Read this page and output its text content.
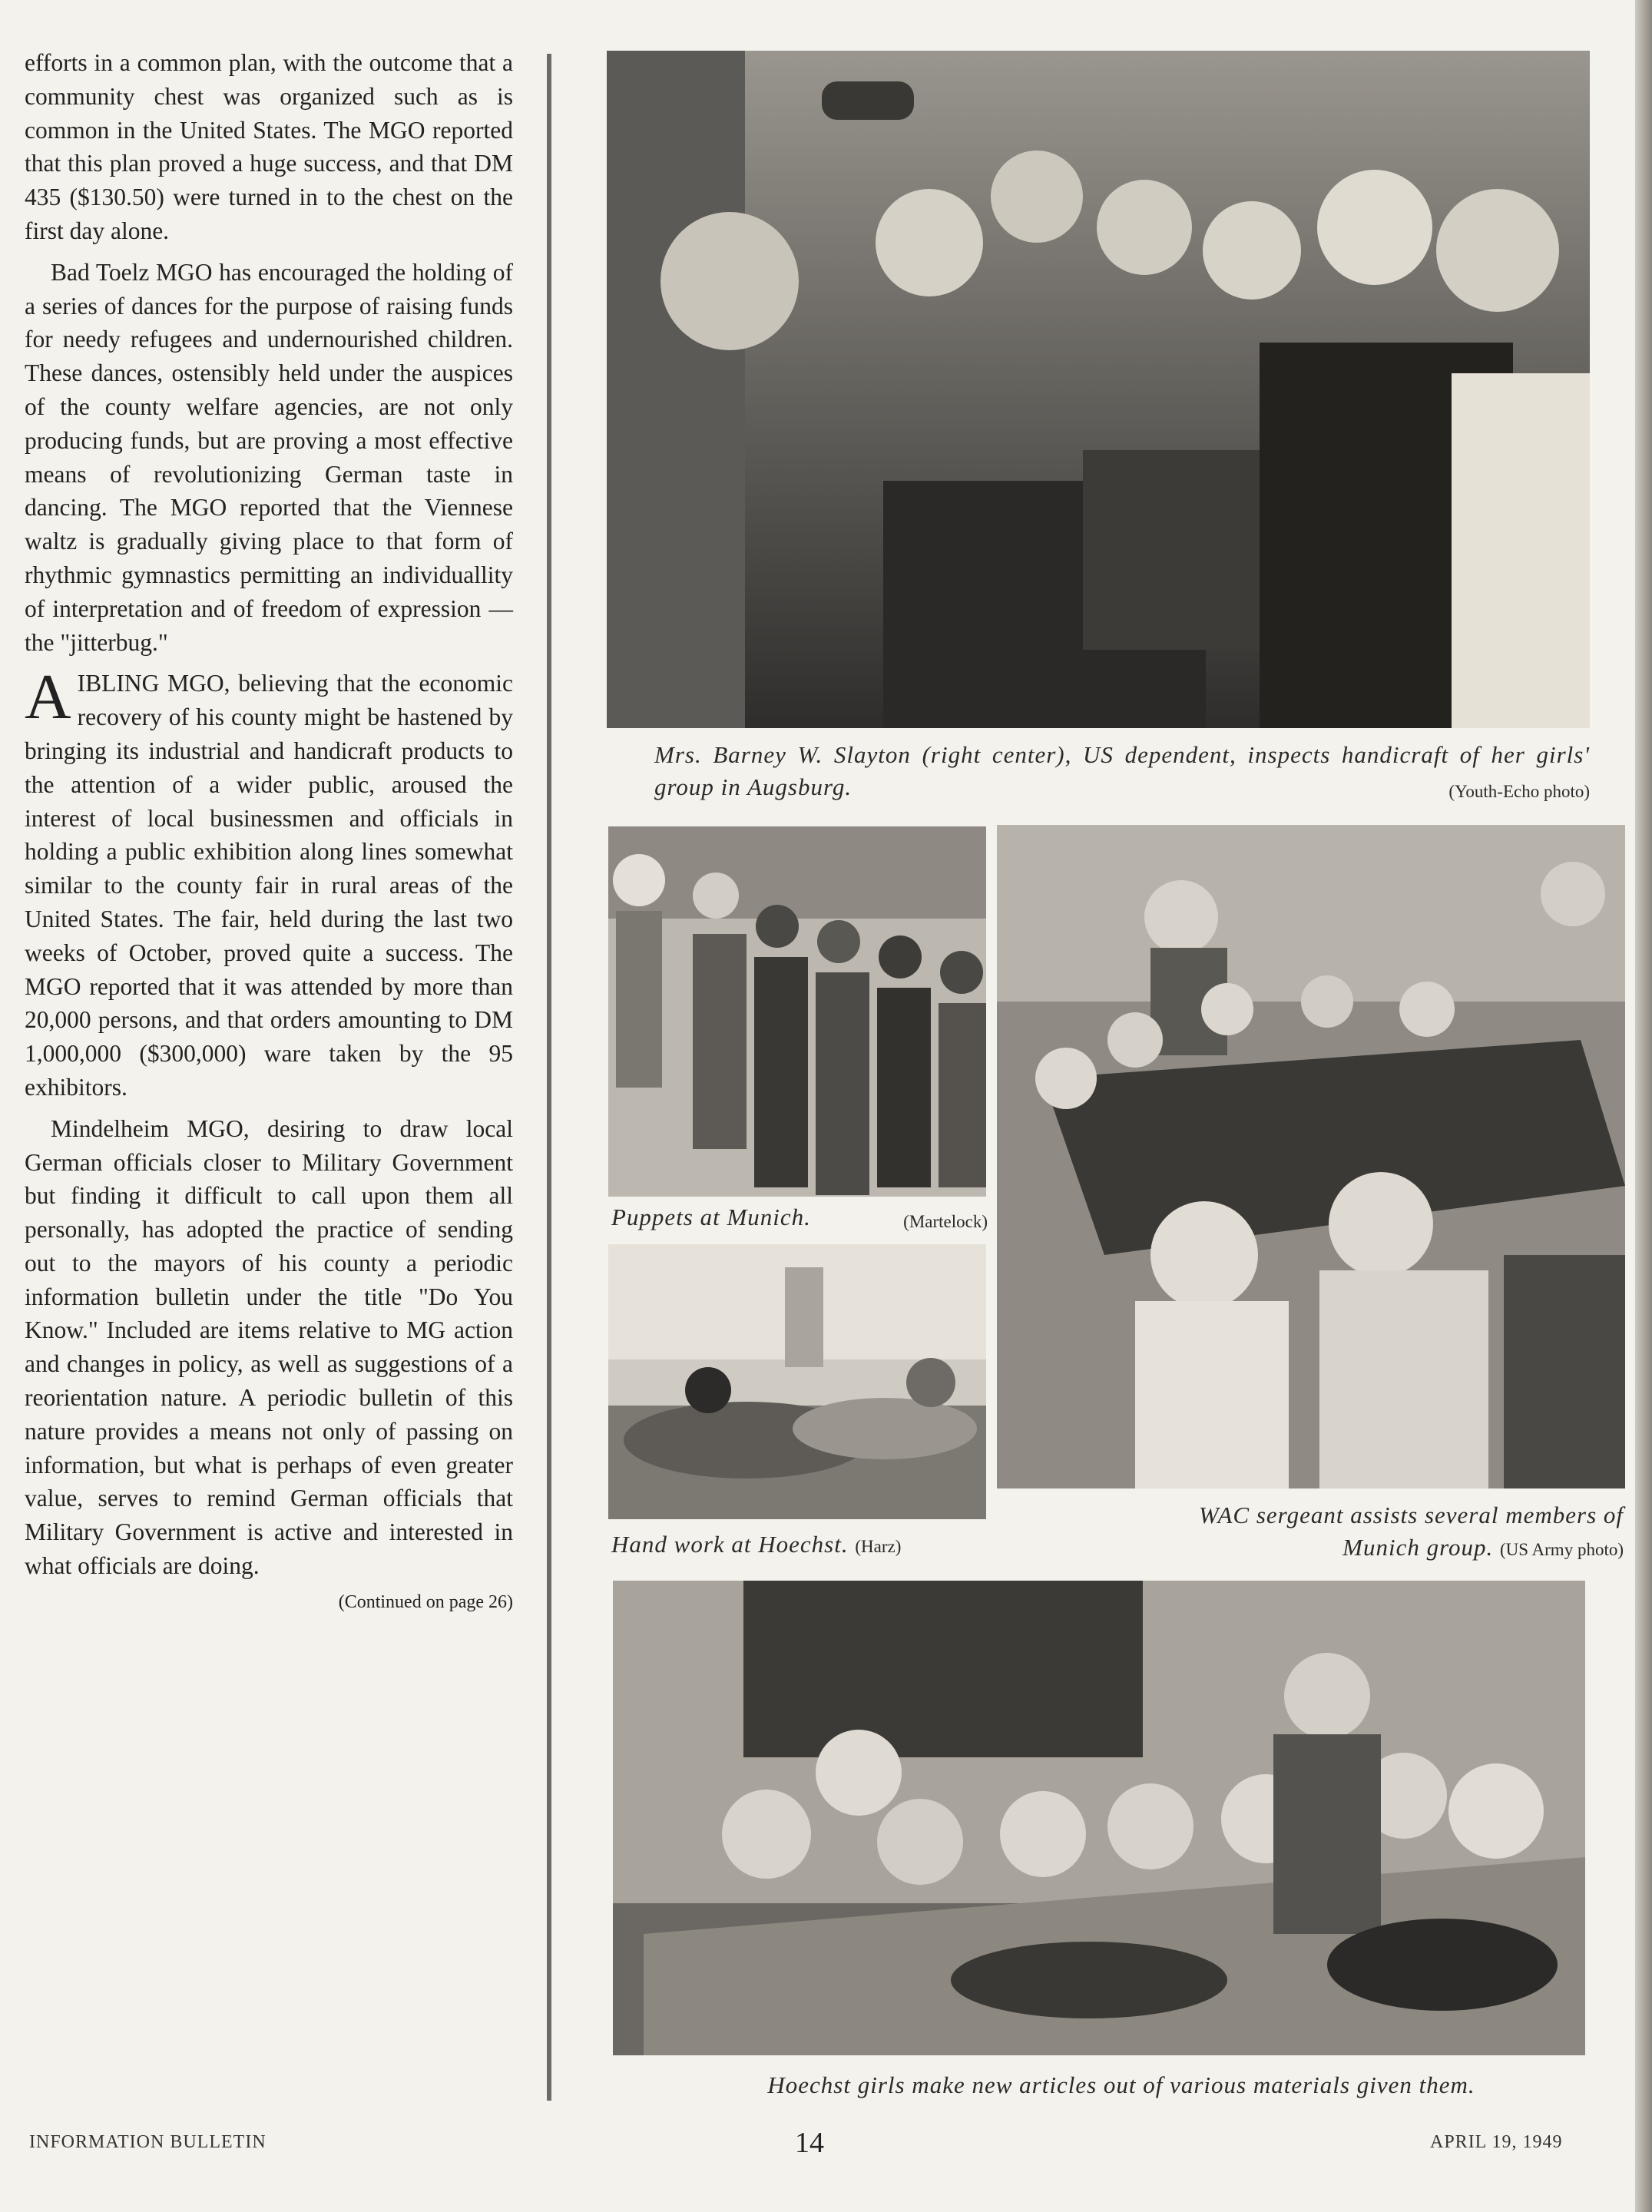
efforts in a common plan, with the outcome that a community chest was organized such as is common in the United States. The MGO reported that this plan proved a huge success, and that DM 435 ($130.50) were turned in to the chest on the first day alone.

Bad Toelz MGO has encouraged the holding of a series of dances for the purpose of raising funds for needy refugees and undernourished children. These dances, ostensibly held under the auspices of the county welfare agencies, are not only producing funds, but are proving a most effective means of revolutionizing German taste in dancing. The MGO reported that the Viennese waltz is gradually giving place to that form of rhythmic gymnastics permitting an individuallity of interpretation and of freedom of expression — the "jitterbug."

AIBLING MGO, believing that the economic recovery of his county might be hastened by bringing its industrial and handicraft products to the attention of a wider public, aroused the interest of local businessmen and officials in holding a public exhibition along lines somewhat similar to the county fair in rural areas of the United States. The fair, held during the last two weeks of October, proved quite a success. The MGO reported that it was attended by more than 20,000 persons, and that orders amounting to DM 1,000,000 ($300,000) ware taken by the 95 exhibitors.

Mindelheim MGO, desiring to draw local German officials closer to Military Government but finding it difficult to call upon them all personally, has adopted the practice of sending out to the mayors of his county a periodic information bulletin under the title "Do You Know." Included are items relative to MG action and changes in policy, as well as suggestions of a reorientation nature. A periodic bulletin of this nature provides a means not only of passing on information, but what is perhaps of even greater value, serves to remind German officials that Military Government is active and interested in what officials are doing.

(Continued on page 26)

Mrs. Barney W. Slayton (right center), US dependent, inspects handicraft of her girls' group in Augsburg.	(Youth-Echo photo)
Puppets at Munich.	(Martelock)
Hand work at Hoechst. (Harz)
WAC sergeant assists several members of Munich group. (US Army photo)
Hoechst girls make new articles out of various materials given them.
INFORMATION BULLETIN	14	APRIL 19, 1949
